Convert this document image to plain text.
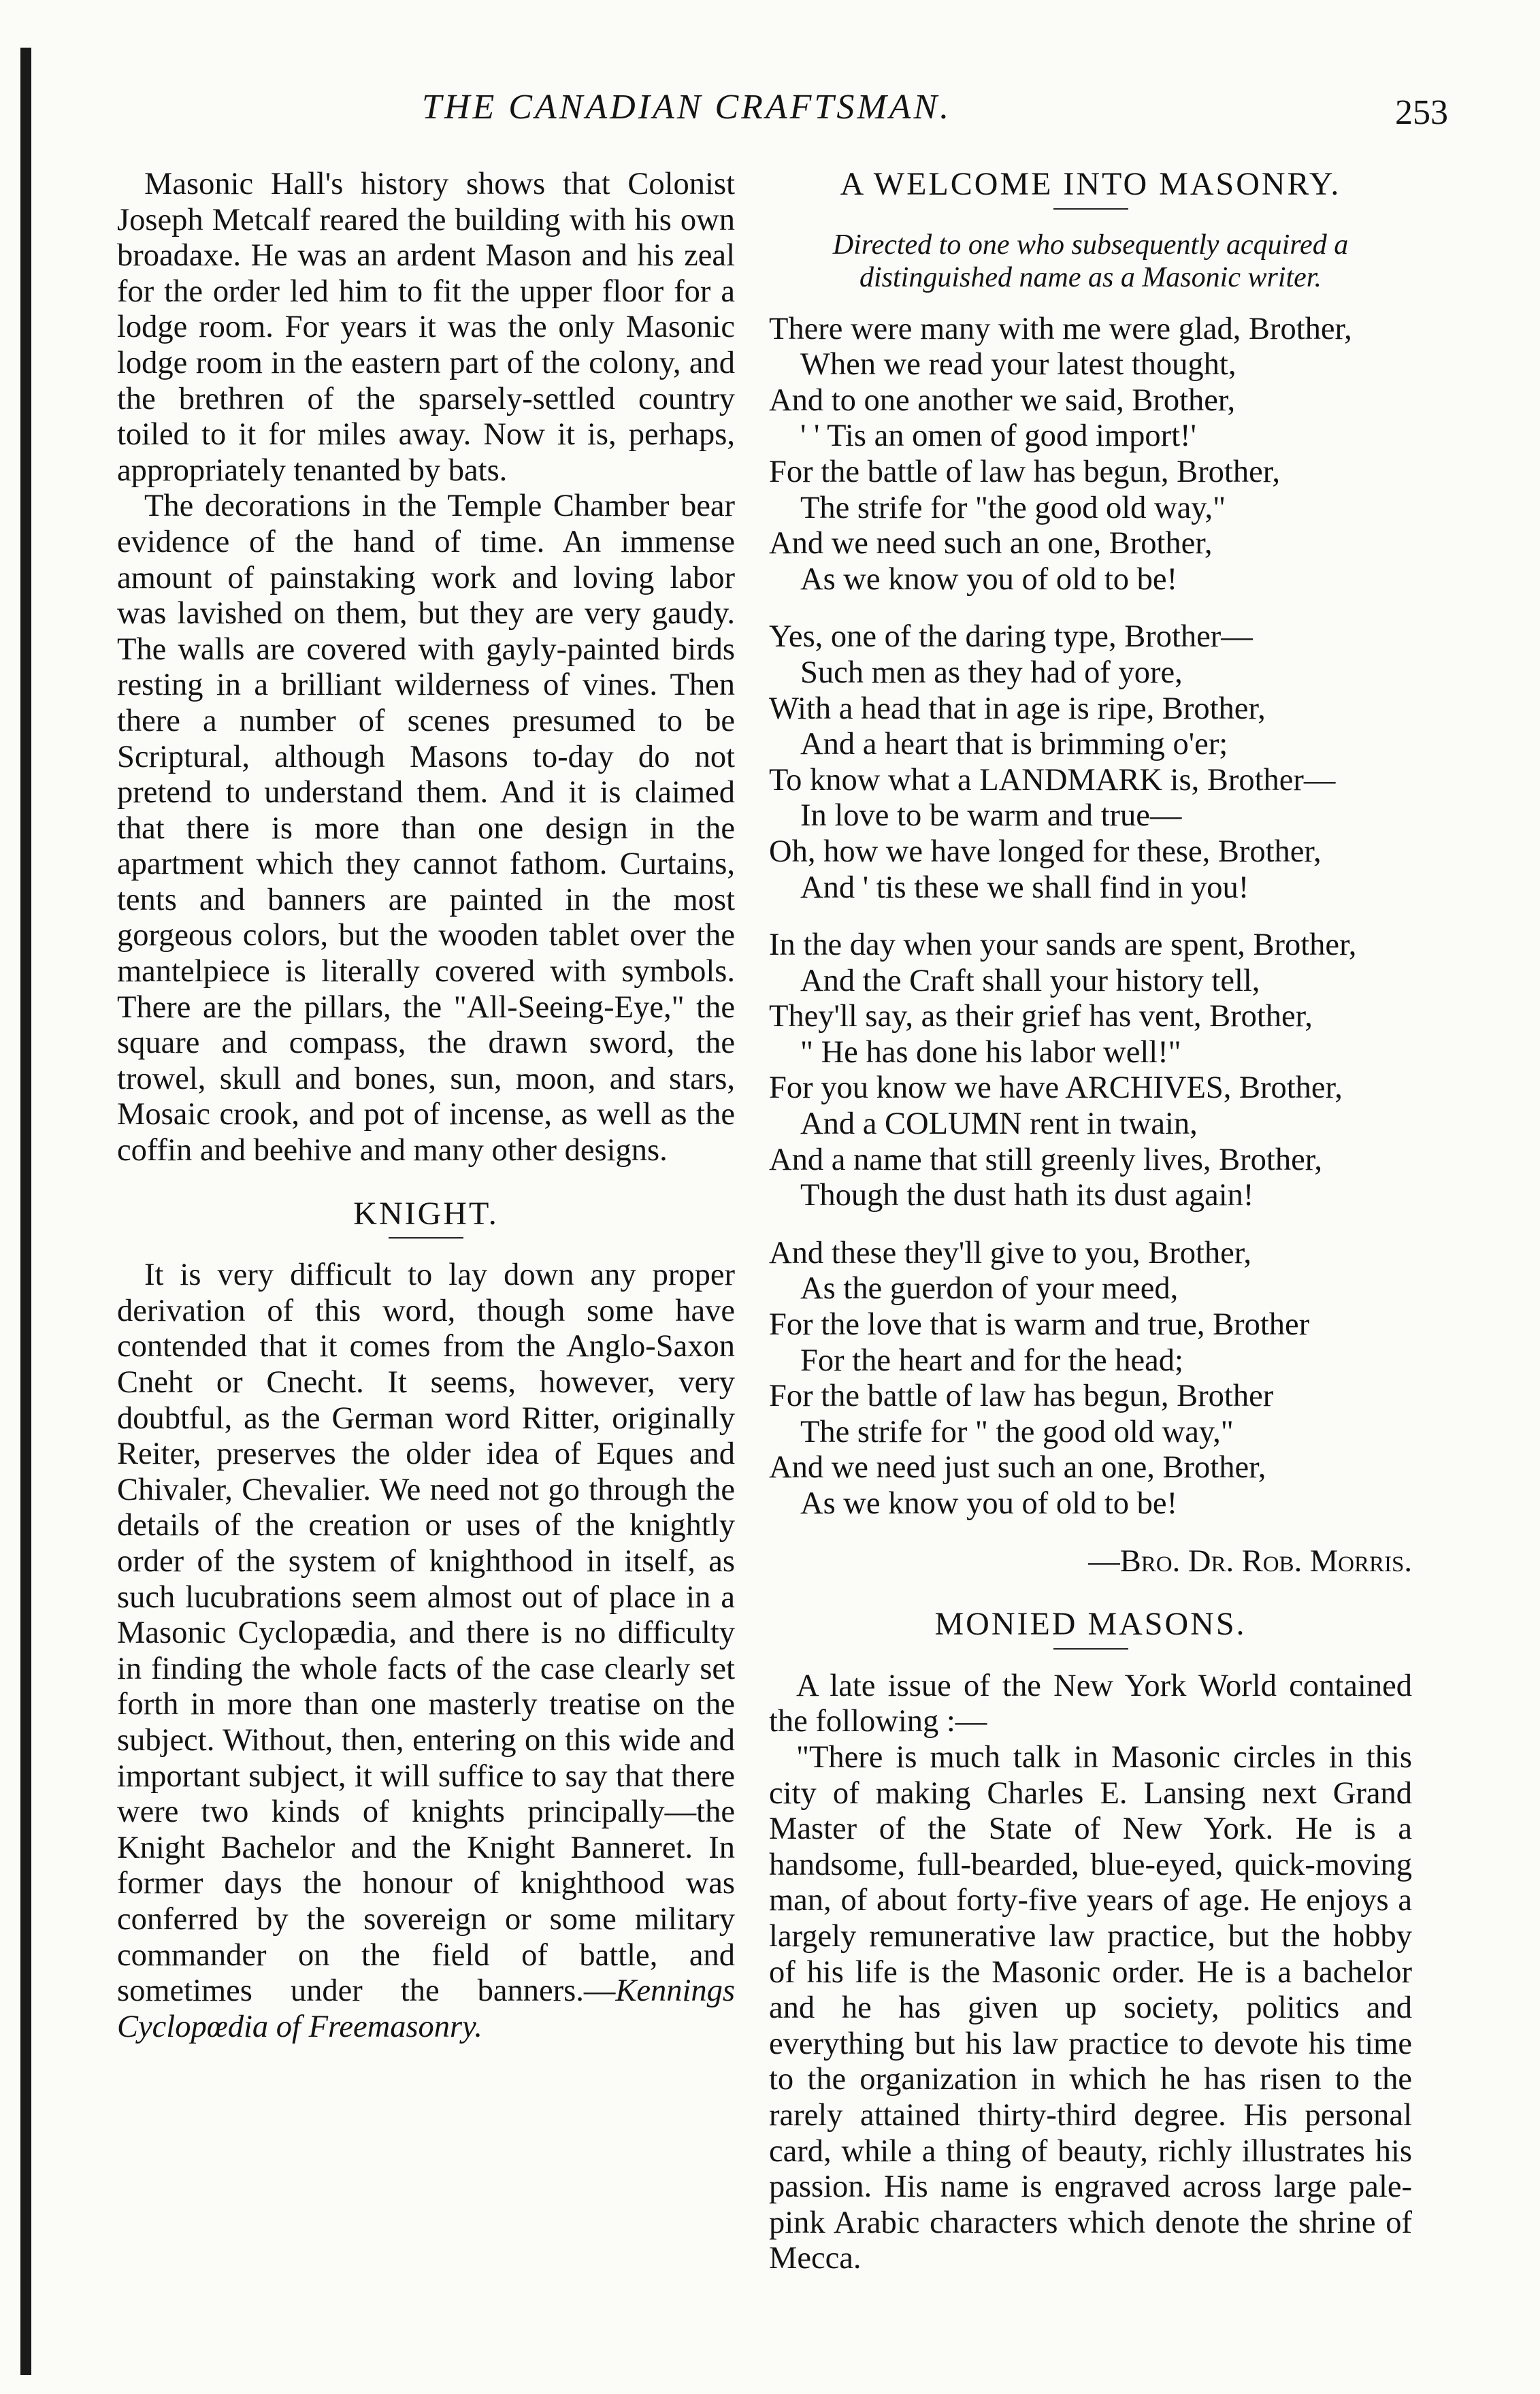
THE CANADIAN CRAFTSMAN.	253

Masonic Hall's history shows that Colonist Joseph Metcalf reared the building with his own broadaxe. He was an ardent Mason and his zeal for the order led him to fit the upper floor for a lodge room. For years it was the only Masonic lodge room in the eastern part of the colony, and the brethren of the sparsely-settled country toiled to it for miles away. Now it is, perhaps, appropriately tenanted by bats.

The decorations in the Temple Chamber bear evidence of the hand of time. An immense amount of painstaking work and loving labor was lavished on them, but they are very gaudy. The walls are covered with gayly-painted birds resting in a brilliant wilderness of vines. Then there a number of scenes presumed to be Scriptural, although Masons to-day do not pretend to understand them. And it is claimed that there is more than one design in the apartment which they cannot fathom. Curtains, tents and banners are painted in the most gorgeous colors, but the wooden tablet over the mantelpiece is literally covered with symbols. There are the pillars, the "All-Seeing-Eye," the square and compass, the drawn sword, the trowel, skull and bones, sun, moon, and stars, Mosaic crook, and pot of incense, as well as the coffin and beehive and many other designs.

KNIGHT.

It is very difficult to lay down any proper derivation of this word, though some have contended that it comes from the Anglo-Saxon Cneht or Cnecht. It seems, however, very doubtful, as the German word Ritter, originally Reiter, preserves the older idea of Eques and Chivaler, Chevalier. We need not go through the details of the creation or uses of the knightly order of the system of knighthood in itself, as such lucubrations seem almost out of place in a Masonic Cyclopædia, and there is no difficulty in finding the whole facts of the case clearly set forth in more than one masterly treatise on the subject. Without, then, entering on this wide and important subject, it will suffice to say that there were two kinds of knights principally—the Knight Bachelor and the Knight Banneret. In former days the honour of knighthood was conferred by the sovereign or some military commander on the field of battle, and sometimes under the banners.—Kennings Cyclopœdia of Freemasonry.

A WELCOME INTO MASONRY.
Directed to one who subsequently acquired a distinguished name as a Masonic writer.
There were many with me were glad, Brother,
When we read your latest thought,
And to one another we said, Brother,
' ' Tis an omen of good import!'
For the battle of law has begun, Brother,
The strife for "the good old way,"
And we need such an one, Brother,
As we know you of old to be!
Yes, one of the daring type, Brother—
Such men as they had of yore,
With a head that in age is ripe, Brother,
And a heart that is brimming o'er;
To know what a LANDMARK is, Brother—
In love to be warm and true—
Oh, how we have longed for these, Brother,
And ' tis these we shall find in you!
In the day when your sands are spent, Brother,
And the Craft shall your history tell,
They'll say, as their grief has vent, Brother,
" He has done his labor well!"
For you know we have ARCHIVES, Brother,
And a COLUMN rent in twain,
And a name that still greenly lives, Brother,
Though the dust hath its dust again!
And these they'll give to you, Brother,
As the guerdon of your meed,
For the love that is warm and true, Brother
For the heart and for the head;
For the battle of law has begun, Brother
The strife for " the good old way,"
And we need just such an one, Brother,
As we know you of old to be!
—Bro. Dr. Rob. Morris.
MONIED MASONS.

A late issue of the New York World contained the following :—

"There is much talk in Masonic circles in this city of making Charles E. Lansing next Grand Master of the State of New York. He is a handsome, full-bearded, blue-eyed, quick-moving man, of about forty-five years of age. He enjoys a largely remunerative law practice, but the hobby of his life is the Masonic order. He is a bachelor and he has given up society, politics and everything but his law practice to devote his time to the organization in which he has risen to the rarely attained thirty-third degree. His personal card, while a thing of beauty, richly illustrates his passion. His name is engraved across large pale-pink Arabic characters which denote the shrine of Mecca.
